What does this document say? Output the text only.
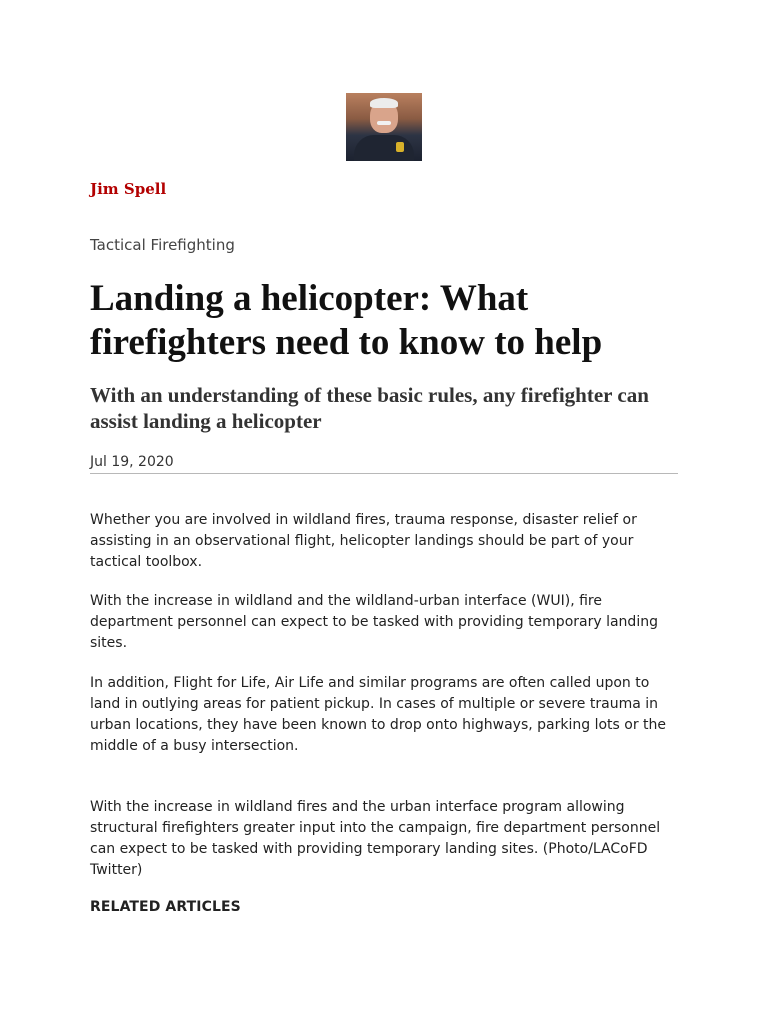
Jim Spell
Tactical Firefighting
Landing a helicopter: What firefighters need to know to help
With an understanding of these basic rules, any firefighter can assist landing a helicopter
Jul 19, 2020

Whether you are involved in wildland fires, trauma response, disaster relief or assisting in an observational flight, helicopter landings should be part of your tactical toolbox.

With the increase in wildland and the wildland-urban interface (WUI), fire department personnel can expect to be tasked with providing temporary landing sites.

In addition, Flight for Life, Air Life and similar programs are often called upon to land in outlying areas for patient pickup. In cases of multiple or severe trauma in urban locations, they have been known to drop onto highways, parking lots or the middle of a busy intersection.

With the increase in wildland fires and the urban interface program allowing structural firefighters greater input into the campaign, fire department personnel can expect to be tasked with providing temporary landing sites. (Photo/LACoFD Twitter)

RELATED ARTICLES
